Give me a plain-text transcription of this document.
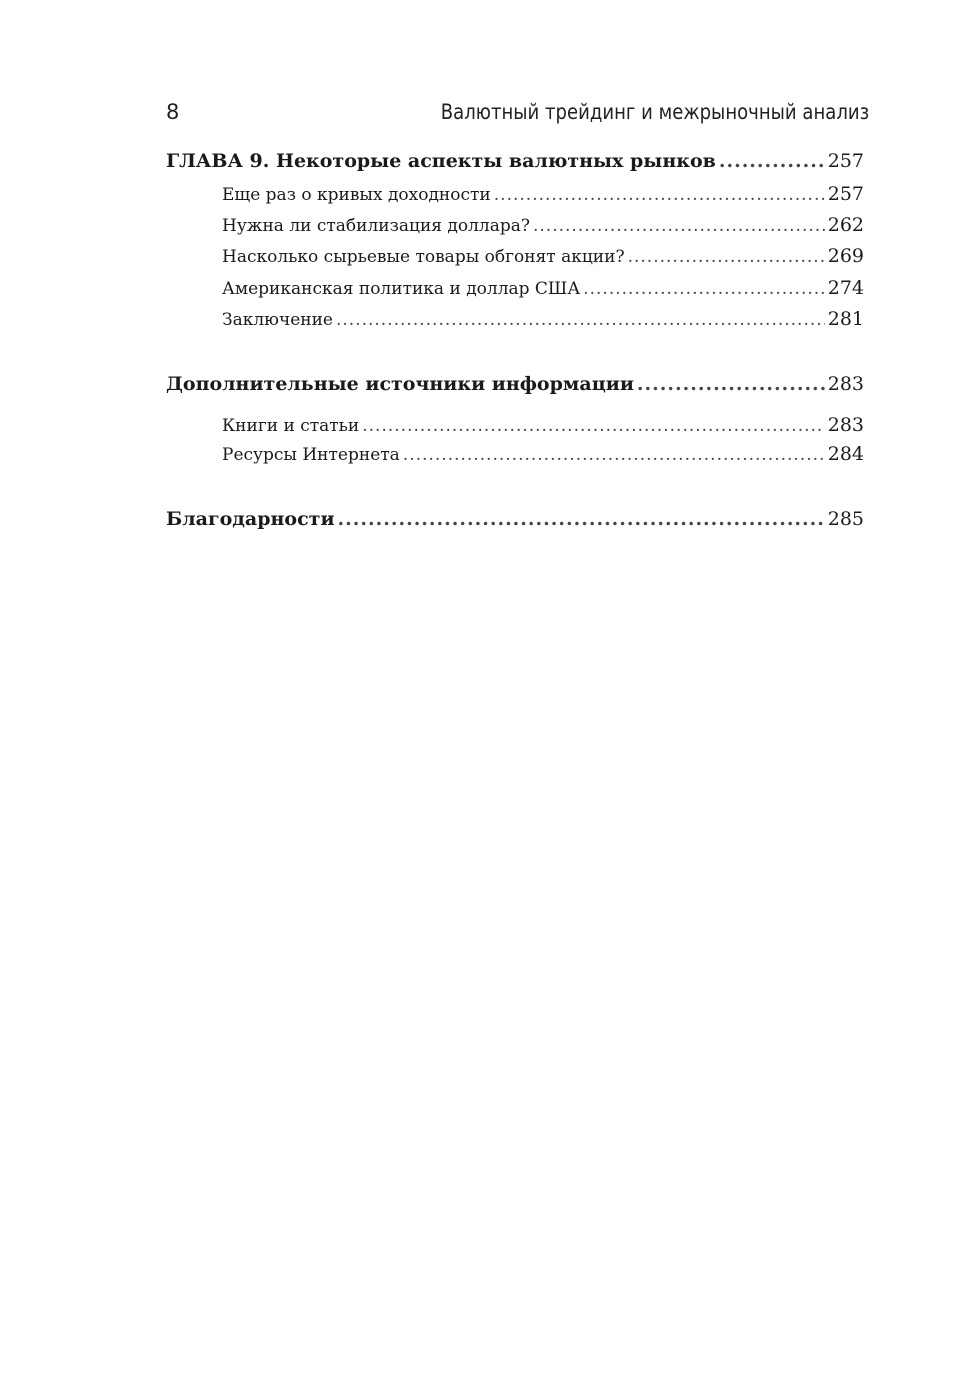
8	Валютный трейдинг и межрыночный анализ
ГЛАВА 9. Некоторые аспекты валютных рынков .....	257
Еще раз о кривых доходности .....	257
Нужна ли стабилизация доллара? .....	262
Насколько сырьевые товары обгонят акции? .....	269
Американская политика и доллар США .....	274
Заключение .....	281
Дополнительные источники информации .....	283
Книги и статьи .....	283
Ресурсы Интернета .....	284
Благодарности .....	285
